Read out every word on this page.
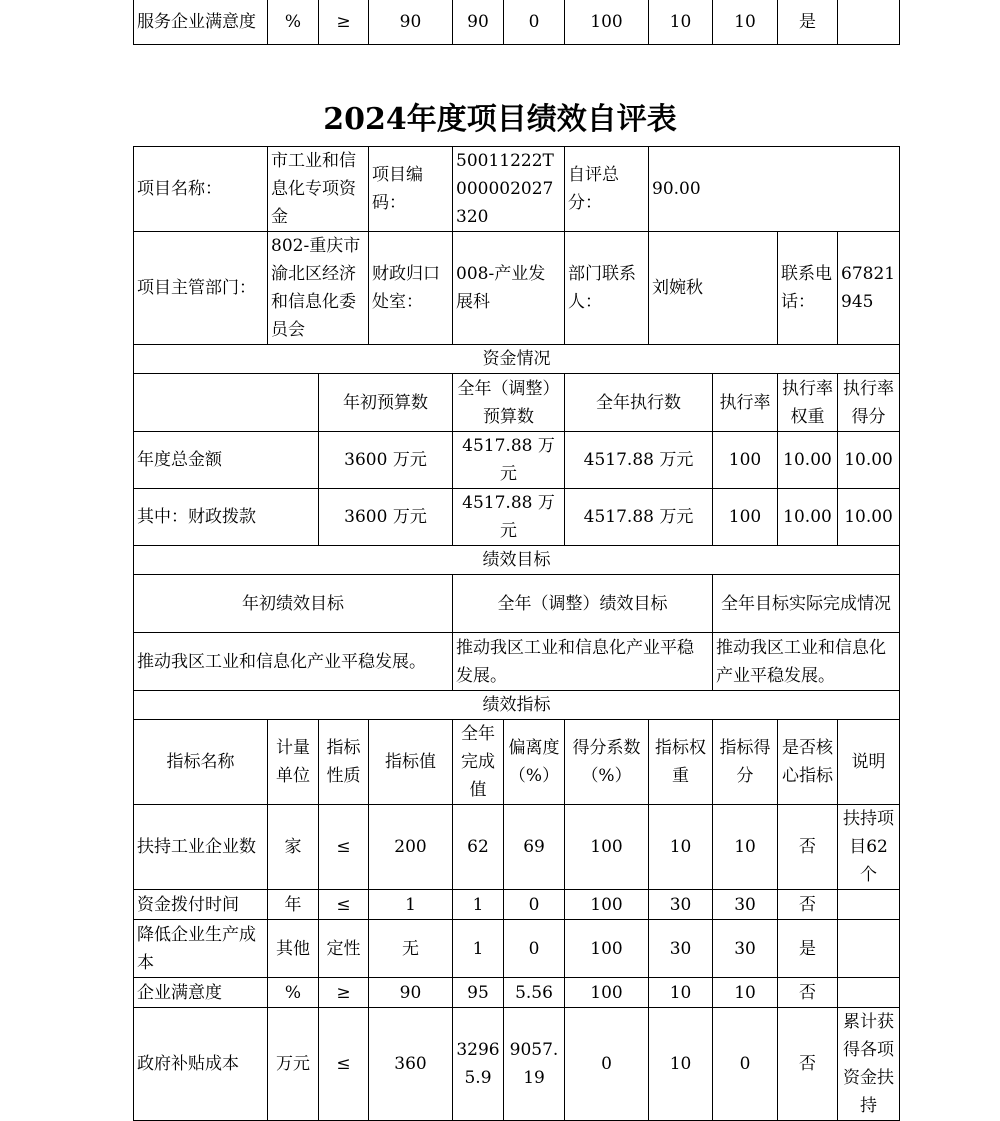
服务企业满意度	%	≥	90	90	0	100	10	10	是	
2024年度项目绩效自评表
项目名称：	市工业和信息化专项资金		项目编码：	50011222T000002027320		自评总分：	90.00			
项目主管部门：	802-重庆市渝北区经济和信息化委员会		财政归口处室：	008-产业发展科		部门联系人：	刘婉秋		联系电话：	67821945
资金情况										
		年初预算数		全年（调整）预算数		全年执行数		执行率	执行率权重	执行率得分
年度总金额		3600 万元		4517.88 万元		4517.88 万元		100	10.00	10.00
其中：财政拨款		3600 万元		4517.88 万元		4517.88 万元		100	10.00	10.00
绩效目标										
年初绩效目标				全年（调整）绩效目标				全年目标实际完成情况		
推动我区工业和信息化产业平稳发展。				推动我区工业和信息化产业平稳发展。				推动我区工业和信息化产业平稳发展。		
绩效指标										
指标名称	计量单位	指标性质	指标值	全年完成值	偏离度（%）	得分系数（%）	指标权重	指标得分	是否核心指标	说明
扶持工业企业数	家	≤	200	62	69	100	10	10	否	扶持项目62个
资金拨付时间	年	≤	1	1	0	100	30	30	否	
降低企业生产成本	其他	定性	无	1	0	100	30	30	是	
企业满意度	%	≥	90	95	5.56	100	10	10	否	
政府补贴成本	万元	≤	360	32965.9	9057.19	0	10	0	否	累计获得各项资金扶持
